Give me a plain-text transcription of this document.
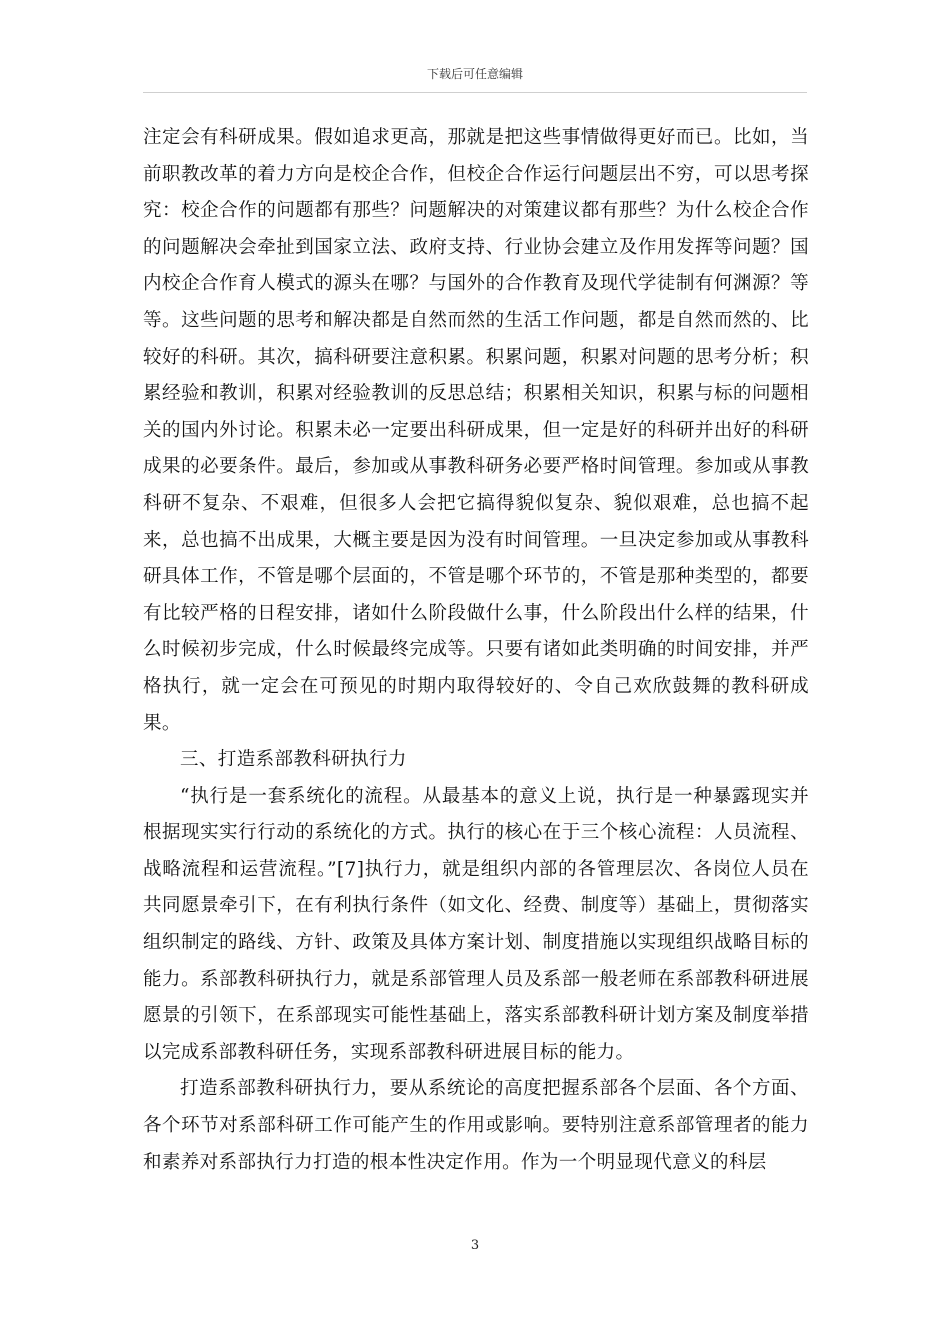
下载后可任意编辑

注定会有科研成果。假如追求更高，那就是把这些事情做得更好而已。比如，当前职教改革的着力方向是校企合作，但校企合作运行问题层出不穷，可以思考探究：校企合作的问题都有那些？问题解决的对策建议都有那些？为什么校企合作的问题解决会牵扯到国家立法、政府支持、行业协会建立及作用发挥等问题？国内校企合作育人模式的源头在哪？与国外的合作教育及现代学徒制有何渊源？等等。这些问题的思考和解决都是自然而然的生活工作问题，都是自然而然的、比较好的科研。其次，搞科研要注意积累。积累问题，积累对问题的思考分析；积累经验和教训，积累对经验教训的反思总结；积累相关知识，积累与标的问题相关的国内外讨论。积累未必一定要出科研成果，但一定是好的科研并出好的科研成果的必要条件。最后，参加或从事教科研务必要严格时间管理。参加或从事教科研不复杂、不艰难，但很多人会把它搞得貌似复杂、貌似艰难，总也搞不起来，总也搞不出成果，大概主要是因为没有时间管理。一旦决定参加或从事教科研具体工作，不管是哪个层面的，不管是哪个环节的，不管是那种类型的，都要有比较严格的日程安排，诸如什么阶段做什么事，什么阶段出什么样的结果，什么时候初步完成，什么时候最终完成等。只要有诸如此类明确的时间安排，并严格执行，就一定会在可预见的时期内取得较好的、令自己欢欣鼓舞的教科研成果。

三、打造系部教科研执行力

“执行是一套系统化的流程。从最基本的意义上说，执行是一种暴露现实并根据现实实行行动的系统化的方式。执行的核心在于三个核心流程：人员流程、战略流程和运营流程。”[7]执行力，就是组织内部的各管理层次、各岗位人员在共同愿景牵引下，在有利执行条件（如文化、经费、制度等）基础上，贯彻落实组织制定的路线、方针、政策及具体方案计划、制度措施以实现组织战略目标的能力。系部教科研执行力，就是系部管理人员及系部一般老师在系部教科研进展愿景的引领下，在系部现实可能性基础上，落实系部教科研计划方案及制度举措以完成系部教科研任务，实现系部教科研进展目标的能力。

打造系部教科研执行力，要从系统论的高度把握系部各个层面、各个方面、各个环节对系部科研工作可能产生的作用或影响。要特别注意系部管理者的能力和素养对系部执行力打造的根本性决定作用。作为一个明显现代意义的科层

3
